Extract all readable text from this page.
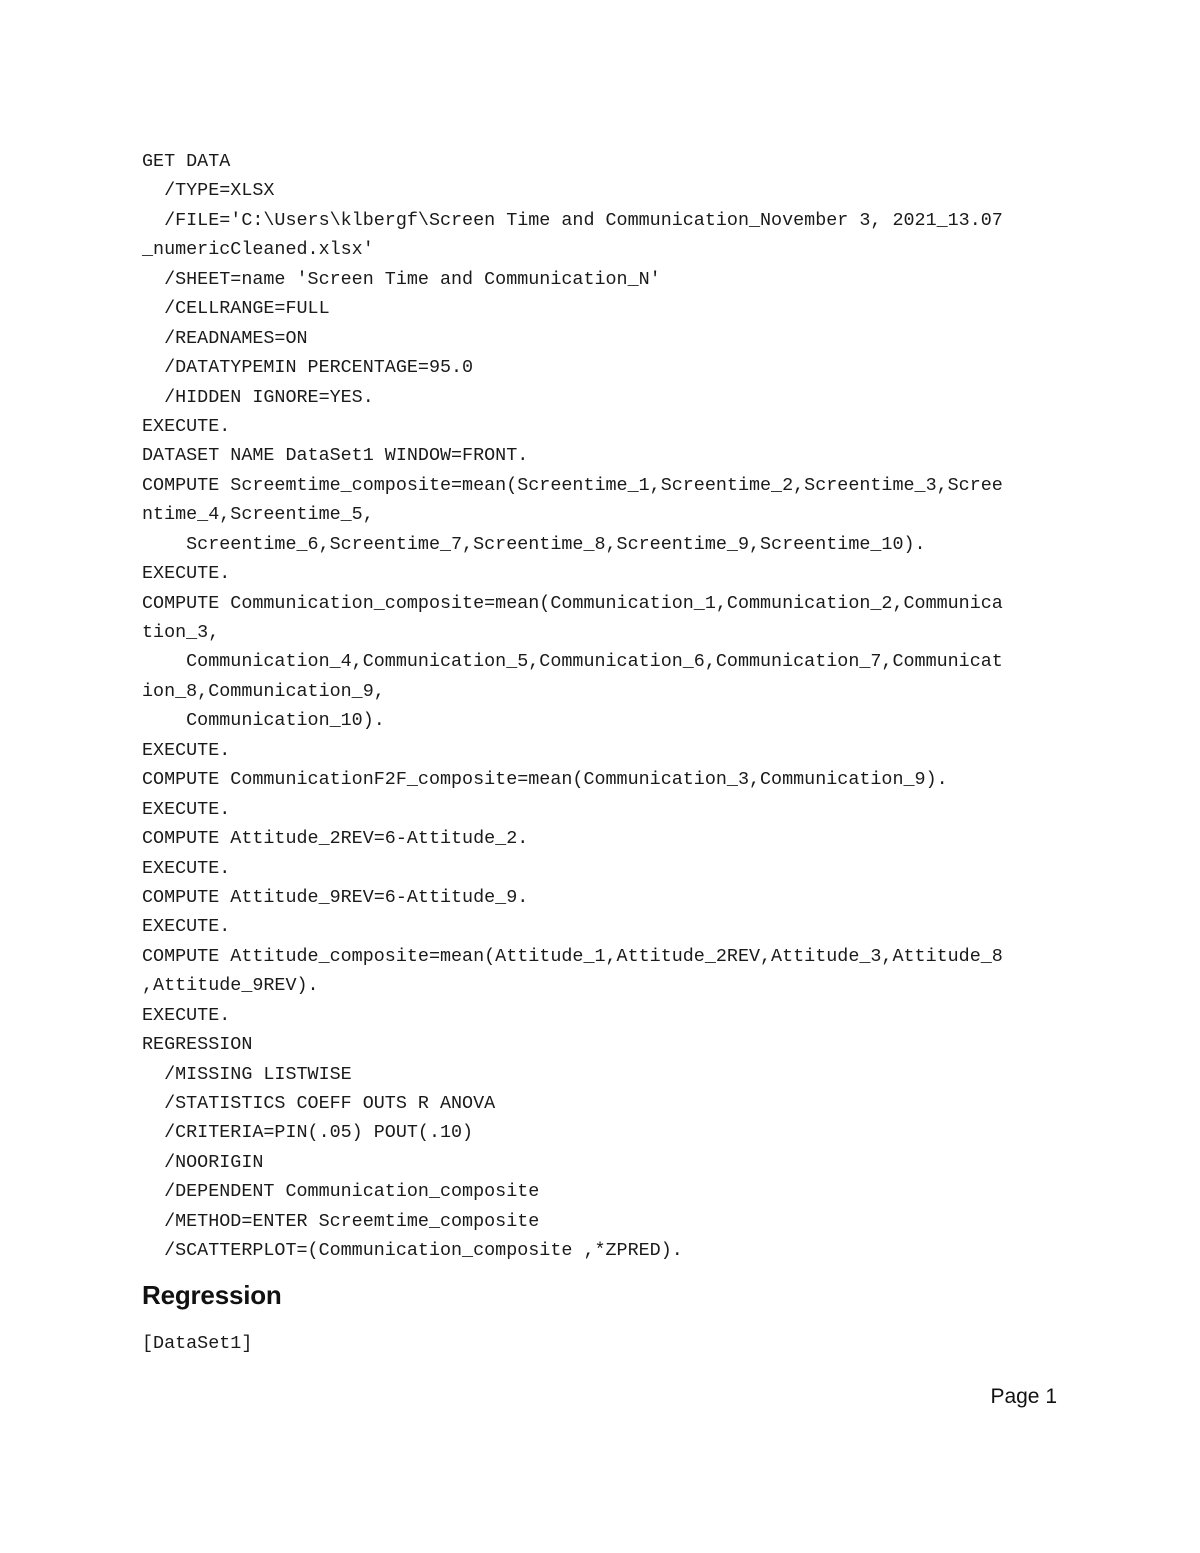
GET DATA
/TYPE=XLSX
/FILE='C:\Users\klbergf\Screen Time and Communication_November 3, 2021_13.07
_numericCleaned.xlsx'
/SHEET=name 'Screen Time and Communication_N'
/CELLRANGE=FULL
/READNAMES=ON
/DATATYPEMIN PERCENTAGE=95.0
/HIDDEN IGNORE=YES.
EXECUTE.
DATASET NAME DataSet1 WINDOW=FRONT.
COMPUTE Screemtime_composite=mean(Screentime_1,Screentime_2,Screentime_3,Scree
ntime_4,Screentime_5,
Screentime_6,Screentime_7,Screentime_8,Screentime_9,Screentime_10).
EXECUTE.
COMPUTE Communication_composite=mean(Communication_1,Communication_2,Communica
tion_3,
Communication_4,Communication_5,Communication_6,Communication_7,Communicat
ion_8,Communication_9,
Communication_10).
EXECUTE.
COMPUTE CommunicationF2F_composite=mean(Communication_3,Communication_9).
EXECUTE.
COMPUTE Attitude_2REV=6-Attitude_2.
EXECUTE.
COMPUTE Attitude_9REV=6-Attitude_9.
EXECUTE.
COMPUTE Attitude_composite=mean(Attitude_1,Attitude_2REV,Attitude_3,Attitude_8
,Attitude_9REV).
EXECUTE.
REGRESSION
/MISSING LISTWISE
/STATISTICS COEFF OUTS R ANOVA
/CRITERIA=PIN(.05) POUT(.10)
/NOORIGIN
/DEPENDENT Communication_composite
/METHOD=ENTER Screemtime_composite
/SCATTERPLOT=(Communication_composite ,*ZPRED).
Regression

[DataSet1]

Page 1
